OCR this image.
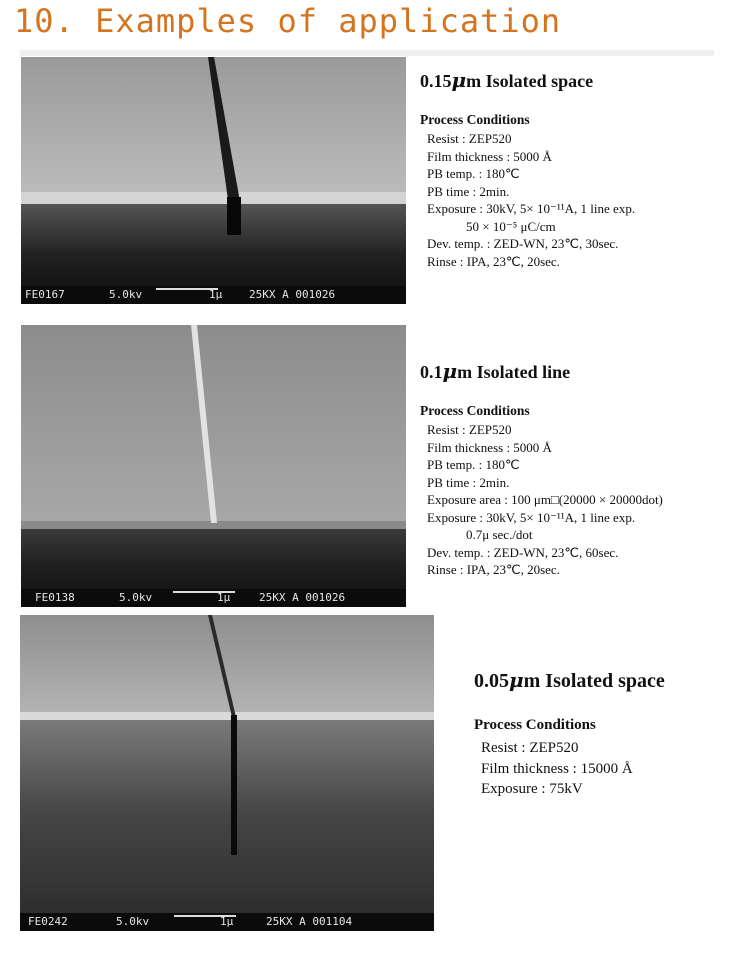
10. Examples of application
FE0167	5.0kv	1μ 25KX A 001026

0.15μm Isolated space

Process Conditions

Resist : ZEP520
Film thickness : 5000 Å
PB temp. : 180℃
PB time : 2min.
Exposure : 30kV, 5× 10⁻¹¹A, 1 line exp.
50 × 10⁻⁵ μC/cm
Dev. temp. : ZED-WN, 23℃, 30sec.
Rinse : IPA, 23℃, 20sec.
FE0138	5.0kv	1μ	25KX A 001026

0.1μm Isolated line

Process Conditions

Resist : ZEP520
Film thickness : 5000 Å
PB temp. : 180℃
PB time : 2min.
Exposure area : 100 μm□(20000 × 20000dot)
Exposure : 30kV, 5× 10⁻¹¹A, 1 line exp.
0.7μ sec./dot
Dev. temp. : ZED-WN, 23℃, 60sec.
Rinse : IPA, 23℃, 20sec.
FE0242	5.0kv	1μ	25KX A 001104

0.05μm Isolated space

Process Conditions

Resist : ZEP520
Film thickness : 15000 Å
Exposure : 75kV
